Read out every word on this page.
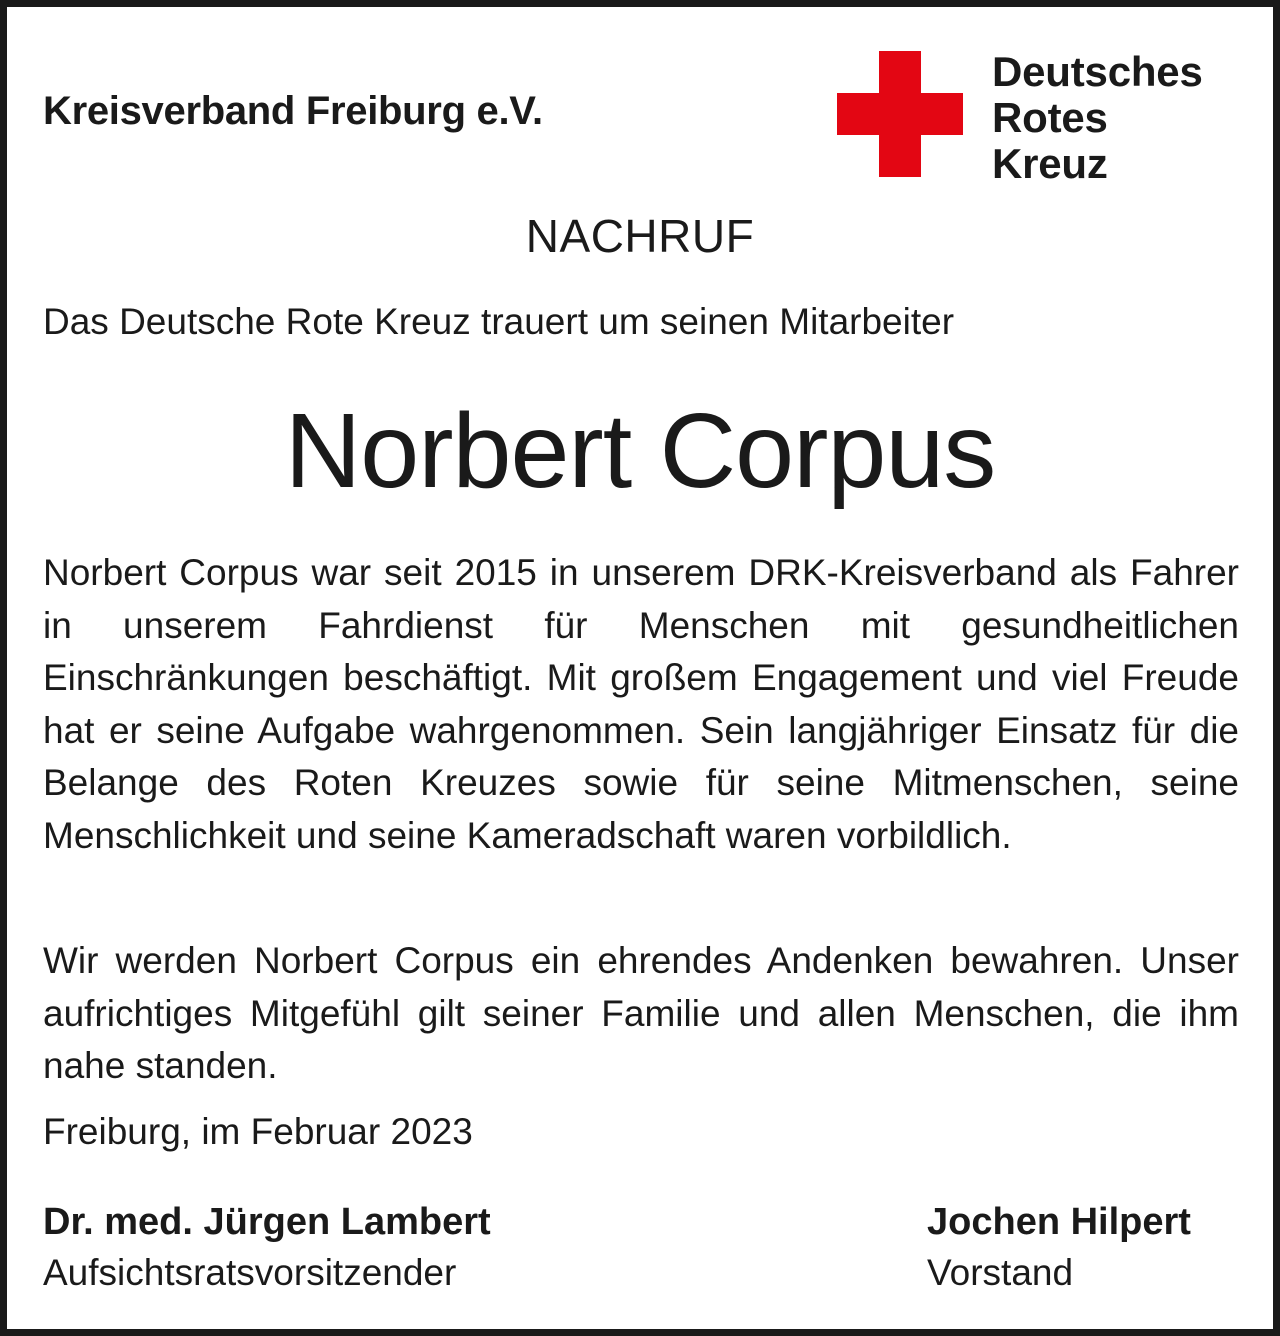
Kreisverband Freiburg e.V.
Deutsches
Rotes
Kreuz
NACHRUF
Das Deutsche Rote Kreuz trauert um seinen Mitarbeiter
Norbert Corpus
Norbert Corpus war seit 2015 in unserem DRK-Kreisverband als Fahrer in unserem Fahrdienst für Menschen mit gesundheitlichen Einschränkungen beschäftigt. Mit großem Engagement und viel Freude hat er seine Aufgabe wahrgenommen. Sein langjähriger Einsatz für die Belange des Roten Kreuzes sowie für seine Mitmenschen, seine Menschlichkeit und seine Kameradschaft waren vorbildlich.
Wir werden Norbert Corpus ein ehrendes Andenken bewahren. Unser aufrichtiges Mitgefühl gilt seiner Familie und allen Menschen, die ihm nahe standen.
Freiburg, im Februar 2023
Dr. med. Jürgen Lambert
Aufsichtsratsvorsitzender
Jochen Hilpert
Vorstand
